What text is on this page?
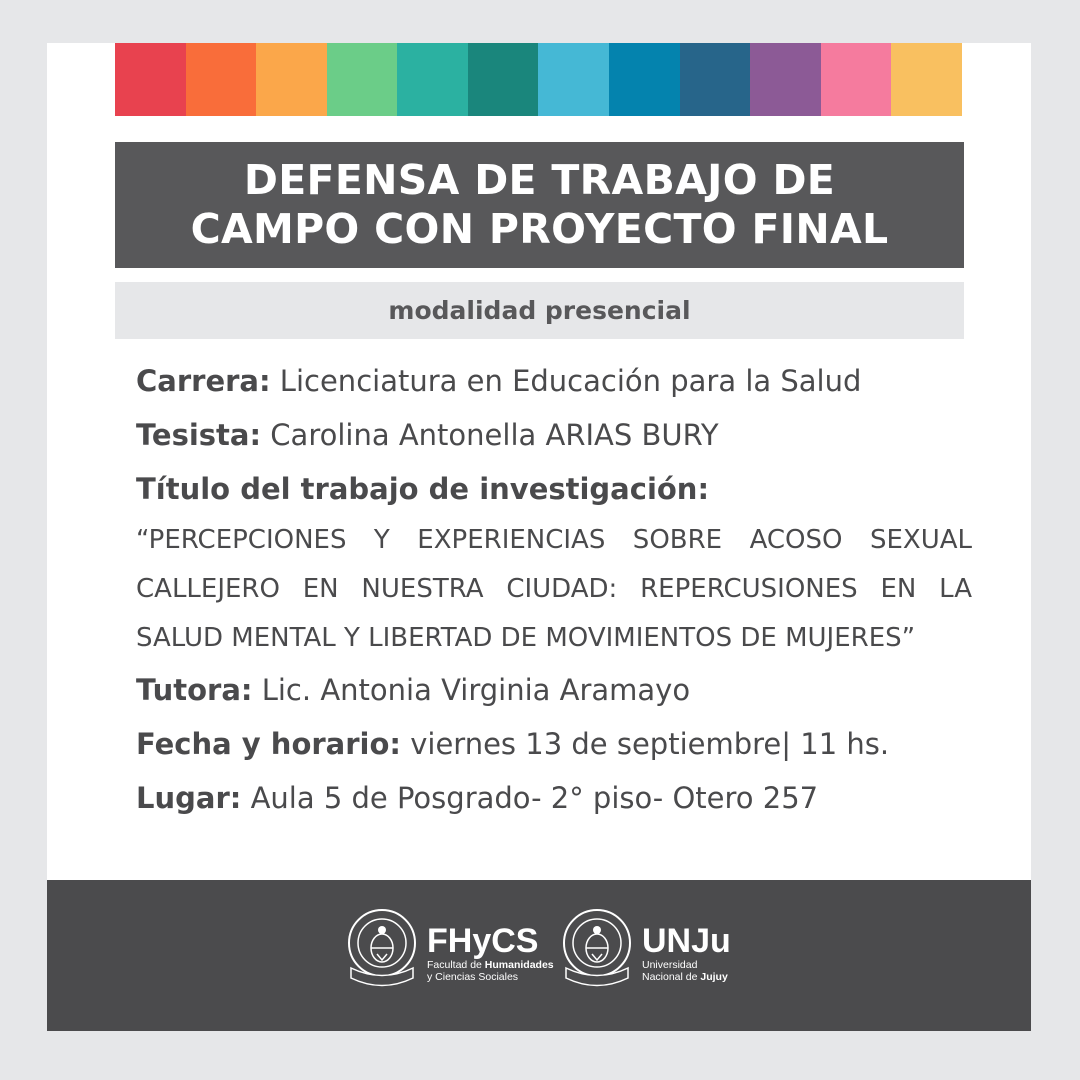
DEFENSA DE TRABAJO DE
CAMPO CON PROYECTO FINAL
modalidad presencial
Carrera: Licenciatura en Educación para la Salud
Tesista: Carolina Antonella ARIAS BURY
Título del trabajo de investigación:
“PERCEPCIONES Y EXPERIENCIAS SOBRE ACOSO SEXUAL CALLEJERO EN NUESTRA CIUDAD: REPERCUSIONES EN LA SALUD MENTAL Y LIBERTAD DE MOVIMIENTOS DE MUJERES”
Tutora: Lic. Antonia Virginia Aramayo
Fecha y horario: viernes 13 de septiembre| 11 hs.
Lugar: Aula 5 de Posgrado- 2° piso- Otero 257
FHyCS
Facultad de Humanidades
y Ciencias Sociales
UNJu
Universidad
Nacional de Jujuy
